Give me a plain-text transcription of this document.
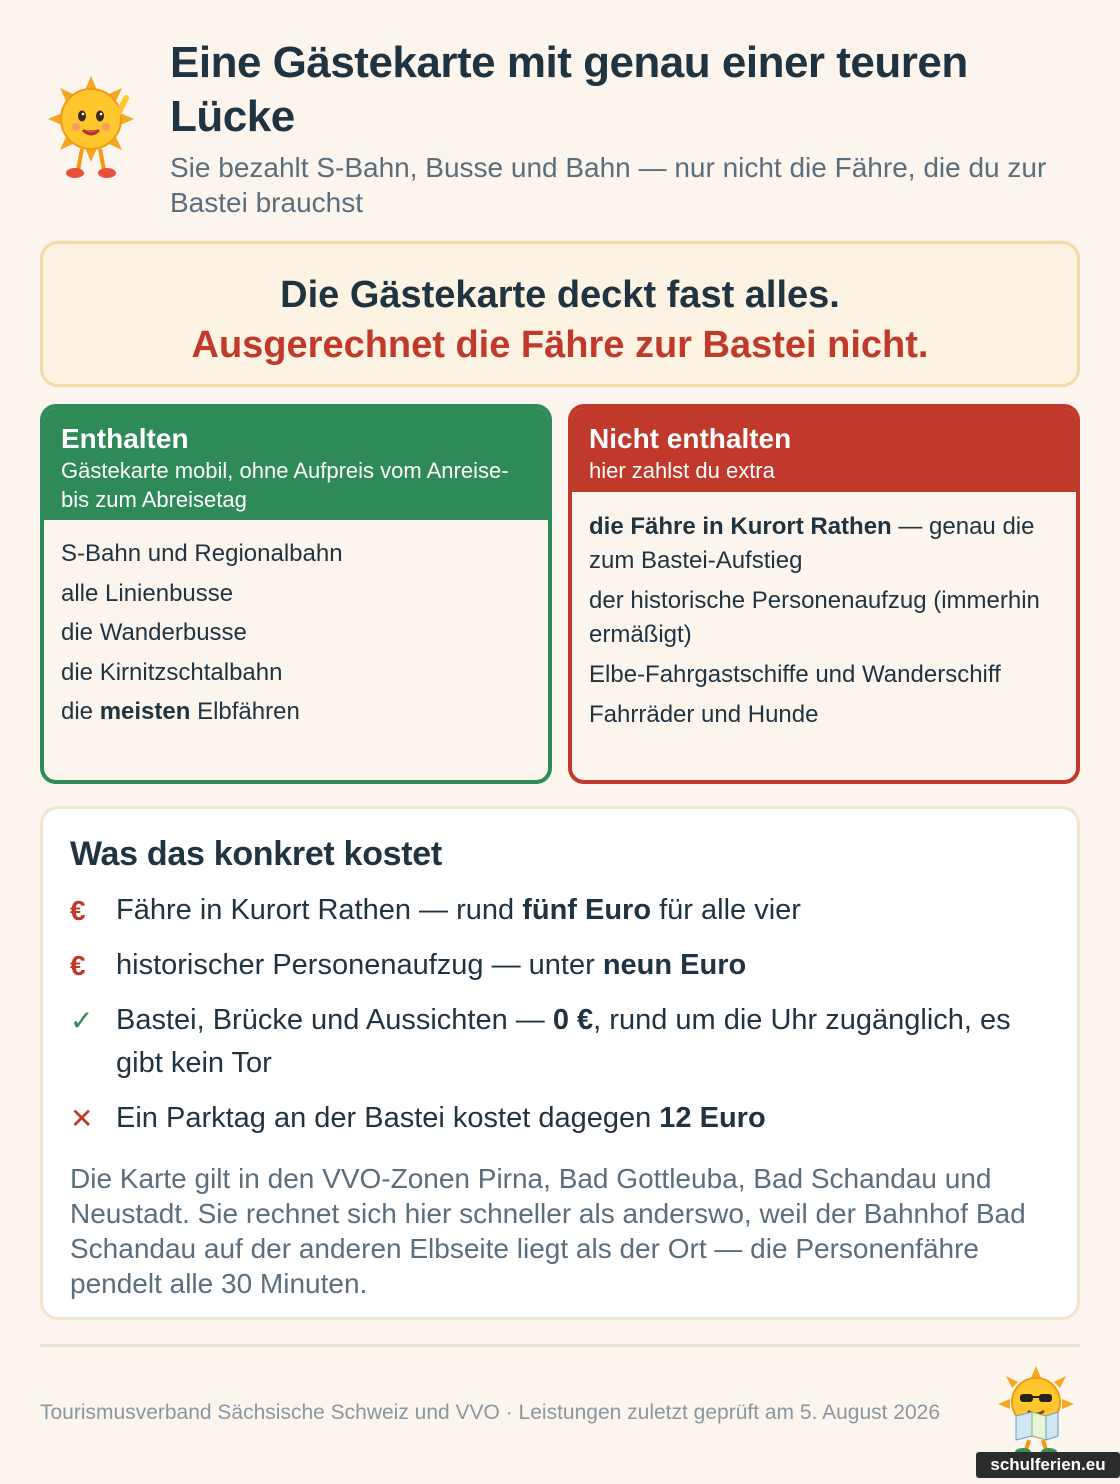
Eine Gästekarte mit genau einer teuren Lücke
Sie bezahlt S-Bahn, Busse und Bahn — nur nicht die Fähre, die du zur Bastei brauchst
Die Gästekarte deckt fast alles.
Ausgerechnet die Fähre zur Bastei nicht.
Enthalten
Gästekarte mobil, ohne Aufpreis vom Anreise- bis zum Abreisetag
S-Bahn und Regionalbahn
alle Linienbusse
die Wanderbusse
die Kirnitzschtalbahn
die meisten Elbfähren
Nicht enthalten
hier zahlst du extra
die Fähre in Kurort Rathen — genau die zum Bastei-Aufstieg
der historische Personenaufzug (immerhin ermäßigt)
Elbe-Fahrgastschiffe und Wanderschiff
Fahrräder und Hunde
Was das konkret kostet
€	Fähre in Kurort Rathen — rund fünf Euro für alle vier
€	historischer Personenaufzug — unter neun Euro
✓ Bastei, Brücke und Aussichten — 0 €, rund um die Uhr zugänglich, es gibt kein Tor
✕ Ein Parktag an der Bastei kostet dagegen 12 Euro
Die Karte gilt in den VVO-Zonen Pirna, Bad Gottleuba, Bad Schandau und Neustadt. Sie rechnet sich hier schneller als anderswo, weil der Bahnhof Bad Schandau auf der anderen Elbseite liegt als der Ort — die Personenfähre pendelt alle 30 Minuten.
Tourismusverband Sächsische Schweiz und VVO · Leistungen zuletzt geprüft am 5. August 2026
schulferien.eu
